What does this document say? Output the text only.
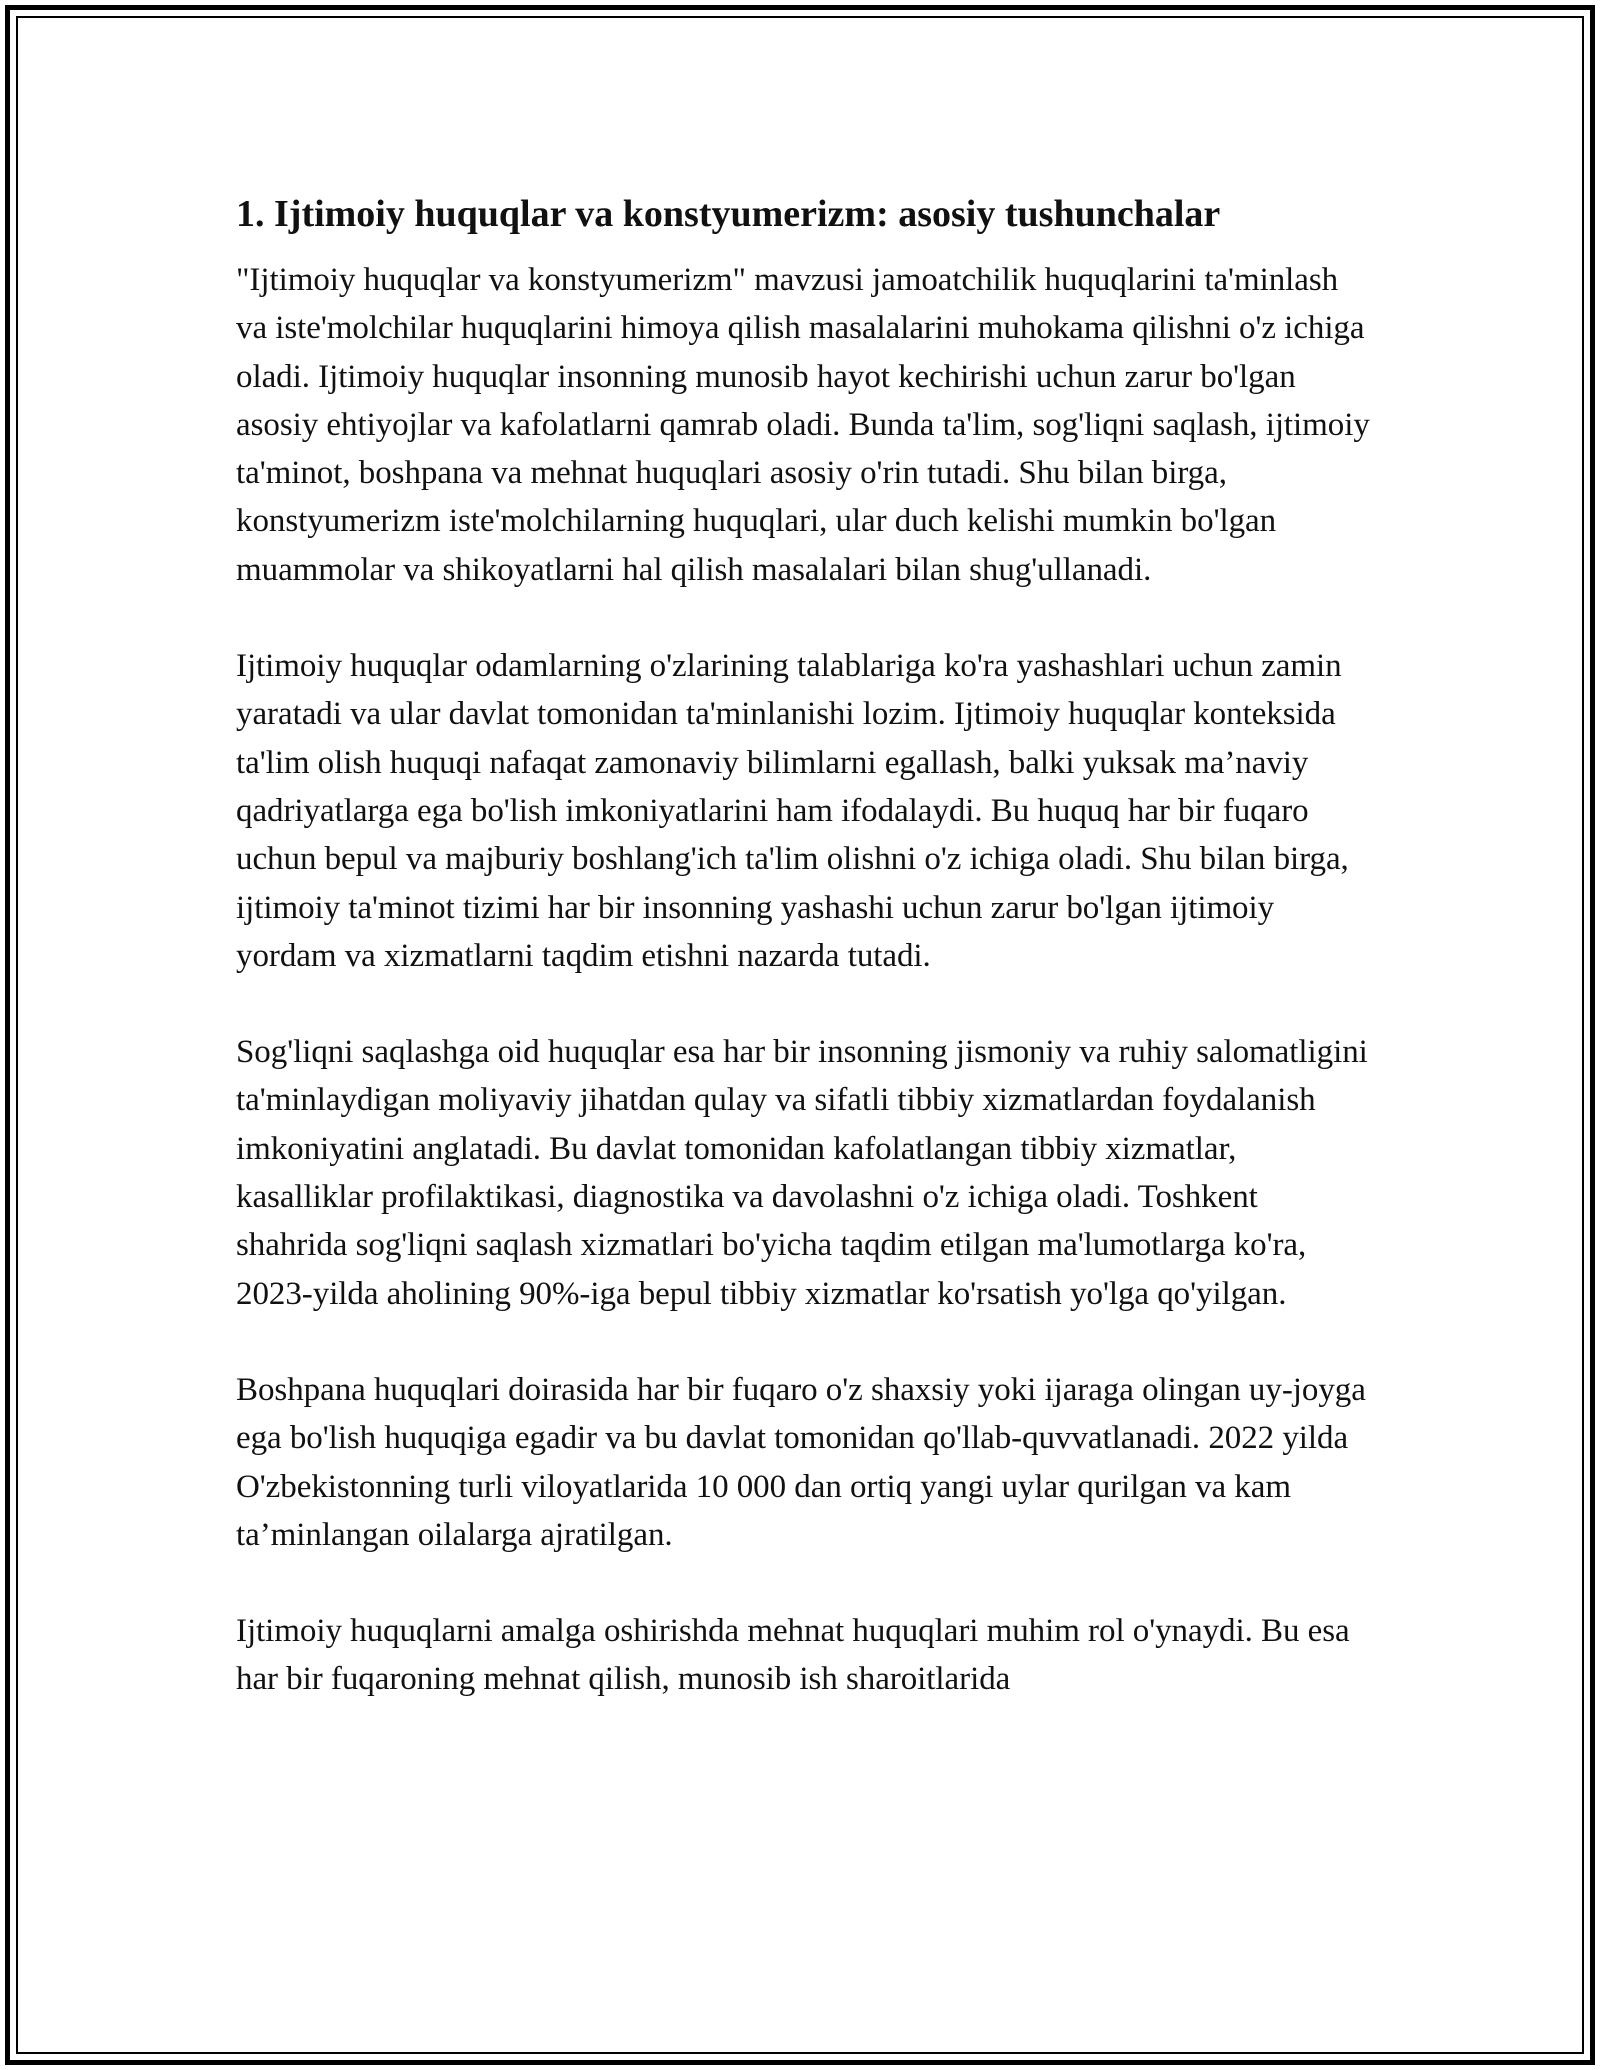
1. Ijtimoiy huquqlar va konstyumerizm: asosiy tushunchalar

"Ijtimoiy huquqlar va konstyumerizm" mavzusi jamoatchilik huquqlarini ta'minlash va iste'molchilar huquqlarini himoya qilish masalalarini muhokama qilishni o'z ichiga oladi. Ijtimoiy huquqlar insonning munosib hayot kechirishi uchun zarur bo'lgan asosiy ehtiyojlar va kafolatlarni qamrab oladi. Bunda ta'lim, sog'liqni saqlash, ijtimoiy ta'minot, boshpana va mehnat huquqlari asosiy o'rin tutadi. Shu bilan birga, konstyumerizm iste'molchilarning huquqlari, ular duch kelishi mumkin bo'lgan muammolar va shikoyatlarni hal qilish masalalari bilan shug'ullanadi.

Ijtimoiy huquqlar odamlarning o'zlarining talablariga ko'ra yashashlari uchun zamin yaratadi va ular davlat tomonidan ta'minlanishi lozim. Ijtimoiy huquqlar konteksida ta'lim olish huquqi nafaqat zamonaviy bilimlarni egallash, balki yuksak ma’naviy qadriyatlarga ega bo'lish imkoniyatlarini ham ifodalaydi. Bu huquq har bir fuqaro uchun bepul va majburiy boshlang'ich ta'lim olishni o'z ichiga oladi. Shu bilan birga, ijtimoiy ta'minot tizimi har bir insonning yashashi uchun zarur bo'lgan ijtimoiy yordam va xizmatlarni taqdim etishni nazarda tutadi.

Sog'liqni saqlashga oid huquqlar esa har bir insonning jismoniy va ruhiy salomatligini ta'minlaydigan moliyaviy jihatdan qulay va sifatli tibbiy xizmatlardan foydalanish imkoniyatini anglatadi. Bu davlat tomonidan kafolatlangan tibbiy xizmatlar, kasalliklar profilaktikasi, diagnostika va davolashni o'z ichiga oladi. Toshkent shahrida sog'liqni saqlash xizmatlari bo'yicha taqdim etilgan ma'lumotlarga ko'ra, 2023-yilda aholining 90%-iga bepul tibbiy xizmatlar ko'rsatish yo'lga qo'yilgan.

Boshpana huquqlari doirasida har bir fuqaro o'z shaxsiy yoki ijaraga olingan uy-joyga ega bo'lish huquqiga egadir va bu davlat tomonidan qo'llab-quvvatlanadi. 2022 yilda O'zbekistonning turli viloyatlarida 10 000 dan ortiq yangi uylar qurilgan va kam ta’minlangan oilalarga ajratilgan.

Ijtimoiy huquqlarni amalga oshirishda mehnat huquqlari muhim rol o'ynaydi. Bu esa har bir fuqaroning mehnat qilish, munosib ish sharoitlarida
